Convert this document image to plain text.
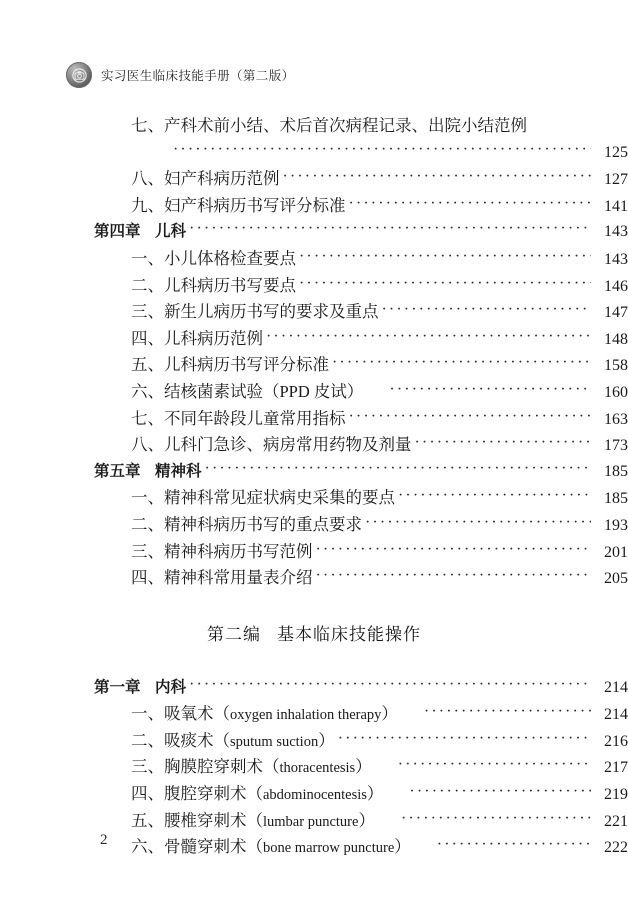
实习医生临床技能手册（第二版）
七、产科术前小结、术后首次病程记录、出院小结范例
·····
125
八、妇产科病历范例 ·····	127
九、妇产科病历书写评分标准 ·····	141
第四章 儿科 ·····	143
一、小儿体格检查要点 ·····	143
二、儿科病历书写要点 ·····	146
三、新生儿病历书写的要求及重点 ·····	147
四、儿科病历范例 ·····	148
五、儿科病历书写评分标准 ·····	158
六、结核菌素试验（PPD 皮试） ·····	160
七、不同年龄段儿童常用指标 ·····	163
八、儿科门急诊、病房常用药物及剂量 ·····	173
第五章 精神科 ·····	185
一、精神科常见症状病史采集的要点 ·····	185
二、精神科病历书写的重点要求 ·····	193
三、精神科病历书写范例 ·····	201
四、精神科常用量表介绍 ·····	205
第二编 基本临床技能操作
第一章 内科 ·····	214
一、吸氧术（oxygen inhalation therapy） ·····	214
二、吸痰术（sputum suction） ·····	216
三、胸膜腔穿刺术（thoracentesis） ·····	217
四、腹腔穿刺术（abdominocentesis） ·····	219
五、腰椎穿刺术（lumbar puncture） ·····	221
六、骨髓穿刺术（bone marrow puncture） ·····	222
2
